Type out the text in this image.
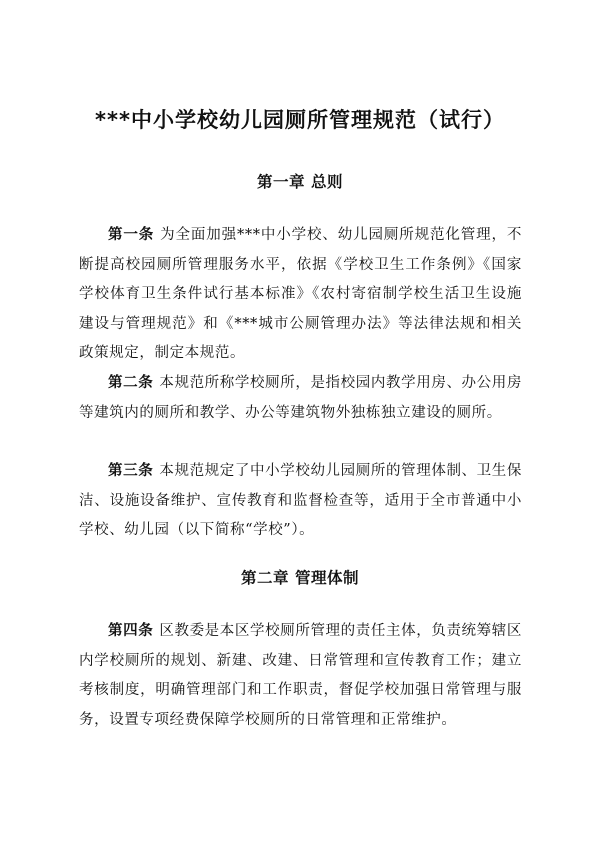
***中小学校幼儿园厕所管理规范（试行）
第一章 总则

第一条 为全面加强***中小学校、幼儿园厕所规范化管理，不断提高校园厕所管理服务水平，依据《学校卫生工作条例》《国家学校体育卫生条件试行基本标准》《农村寄宿制学校生活卫生设施建设与管理规范》和《***城市公厕管理办法》等法律法规和相关政策规定，制定本规范。

第二条 本规范所称学校厕所，是指校园内教学用房、办公用房等建筑内的厕所和教学、办公等建筑物外独栋独立建设的厕所。

第三条 本规范规定了中小学校幼儿园厕所的管理体制、卫生保洁、设施设备维护、宣传教育和监督检查等，适用于全市普通中小学校、幼儿园（以下简称“学校”）。

第二章 管理体制

第四条 区教委是本区学校厕所管理的责任主体，负责统筹辖区内学校厕所的规划、新建、改建、日常管理和宣传教育工作；建立考核制度，明确管理部门和工作职责，督促学校加强日常管理与服务，设置专项经费保障学校厕所的日常管理和正常维护。
